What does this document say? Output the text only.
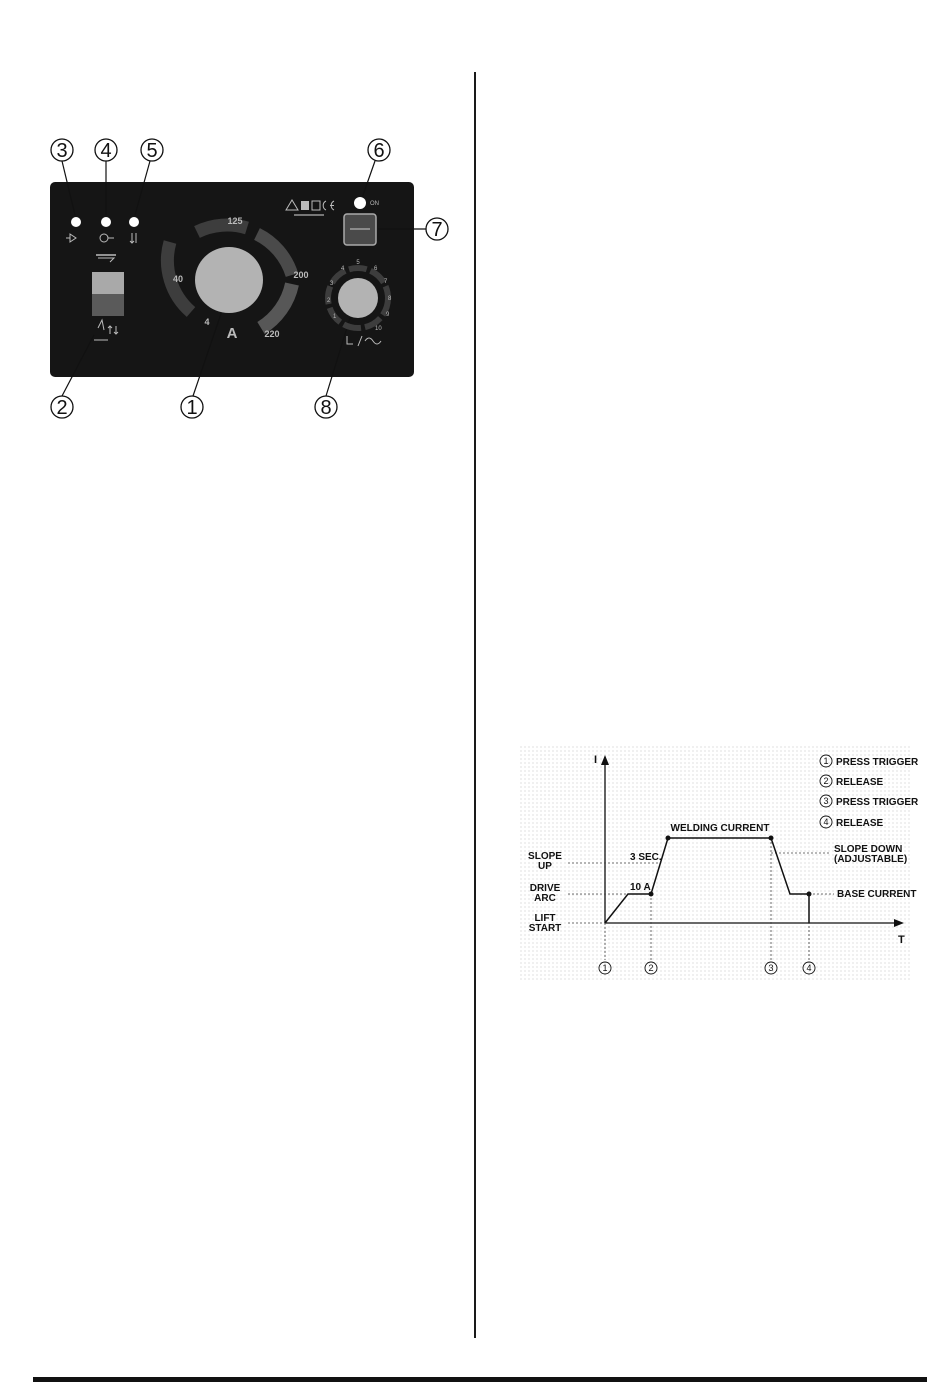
3 4 5	6
7
2	1	8
125
40
4
200
220
A
ON
1
2
3
4
5
6
7
8
9
10
I
T
WELDING CURRENT
3 SEC.
10 A
SLOPE DOWN
(ADJUSTABLE)
BASE CURRENT
SLOPE
UP
DRIVE
ARC
LIFT
START
1	2	3	4
1 PRESS TRIGGER
2 RELEASE
3 PRESS TRIGGER
4 RELEASE
